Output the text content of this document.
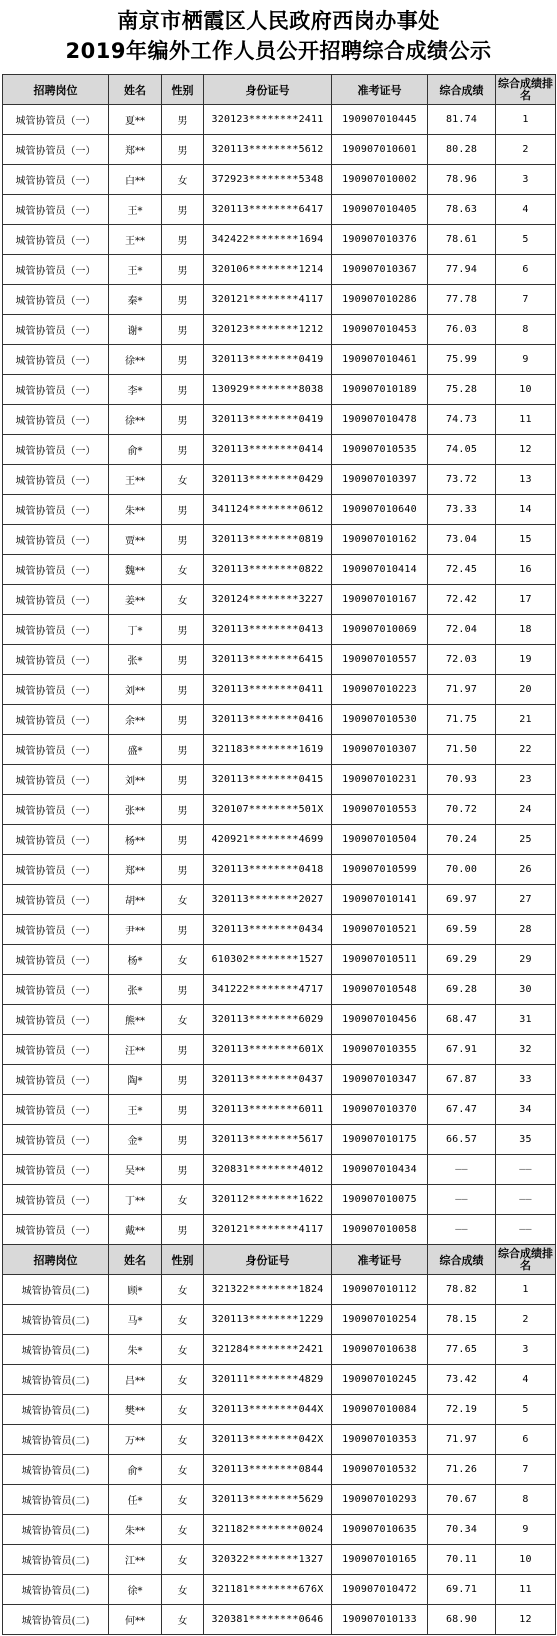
南京市栖霞区人民政府西岗办事处
2019年编外工作人员公开招聘综合成绩公示
招聘岗位	姓名	性别	身份证号	准考证号	综合成绩	综合成绩排名
城管协管员（一）	夏**	男	320123********2411	190907010445	81.74	1
城管协管员（一）	郑**	男	320113********5612	190907010601	80.28	2
城管协管员（一）	白**	女	372923********5348	190907010002	78.96	3
城管协管员（一）	王*	男	320113********6417	190907010405	78.63	4
城管协管员（一）	王**	男	342422********1694	190907010376	78.61	5
城管协管员（一）	王*	男	320106********1214	190907010367	77.94	6
城管协管员（一）	秦*	男	320121********4117	190907010286	77.78	7
城管协管员（一）	谢*	男	320123********1212	190907010453	76.03	8
城管协管员（一）	徐**	男	320113********0419	190907010461	75.99	9
城管协管员（一）	李*	男	130929********8038	190907010189	75.28	10
城管协管员（一）	徐**	男	320113********0419	190907010478	74.73	11
城管协管员（一）	俞*	男	320113********0414	190907010535	74.05	12
城管协管员（一）	王**	女	320113********0429	190907010397	73.72	13
城管协管员（一）	朱**	男	341124********0612	190907010640	73.33	14
城管协管员（一）	贾**	男	320113********0819	190907010162	73.04	15
城管协管员（一）	魏**	女	320113********0822	190907010414	72.45	16
城管协管员（一）	姜**	女	320124********3227	190907010167	72.42	17
城管协管员（一）	丁*	男	320113********0413	190907010069	72.04	18
城管协管员（一）	张*	男	320113********6415	190907010557	72.03	19
城管协管员（一）	刘**	男	320113********0411	190907010223	71.97	20
城管协管员（一）	余**	男	320113********0416	190907010530	71.75	21
城管协管员（一）	盛*	男	321183********1619	190907010307	71.50	22
城管协管员（一）	刘**	男	320113********0415	190907010231	70.93	23
城管协管员（一）	张**	男	320107********501X	190907010553	70.72	24
城管协管员（一）	杨**	男	420921********4699	190907010504	70.24	25
城管协管员（一）	郑**	男	320113********0418	190907010599	70.00	26
城管协管员（一）	胡**	女	320113********2027	190907010141	69.97	27
城管协管员（一）	尹**	男	320113********0434	190907010521	69.59	28
城管协管员（一）	杨*	女	610302********1527	190907010511	69.29	29
城管协管员（一）	张*	男	341222********4717	190907010548	69.28	30
城管协管员（一）	熊**	女	320113********6029	190907010456	68.47	31
城管协管员（一）	汪**	男	320113********601X	190907010355	67.91	32
城管协管员（一）	陶*	男	320113********0437	190907010347	67.87	33
城管协管员（一）	王*	男	320113********6011	190907010370	67.47	34
城管协管员（一）	金*	男	320113********5617	190907010175	66.57	35
城管协管员（一）	吴**	男	320831********4012	190907010434	——	——
城管协管员（一）	丁**	女	320112********1622	190907010075	——	——
城管协管员（一）	戴**	男	320121********4117	190907010058	——	——
招聘岗位	姓名	性别	身份证号	准考证号	综合成绩	综合成绩排名
城管协管员(二)	顾*	女	321322********1824	190907010112	78.82	1
城管协管员(二)	马*	女	320113********1229	190907010254	78.15	2
城管协管员(二)	朱*	女	321284********2421	190907010638	77.65	3
城管协管员(二)	吕**	女	320111********4829	190907010245	73.42	4
城管协管员(二)	樊**	女	320113********044X	190907010084	72.19	5
城管协管员(二)	万**	女	320113********042X	190907010353	71.97	6
城管协管员(二)	俞*	女	320113********0844	190907010532	71.26	7
城管协管员(二)	任*	女	320113********5629	190907010293	70.67	8
城管协管员(二)	朱**	女	321182********0024	190907010635	70.34	9
城管协管员(二)	江**	女	320322********1327	190907010165	70.11	10
城管协管员(二)	徐*	女	321181********676X	190907010472	69.71	11
城管协管员(二)	何**	女	320381********0646	190907010133	68.90	12
